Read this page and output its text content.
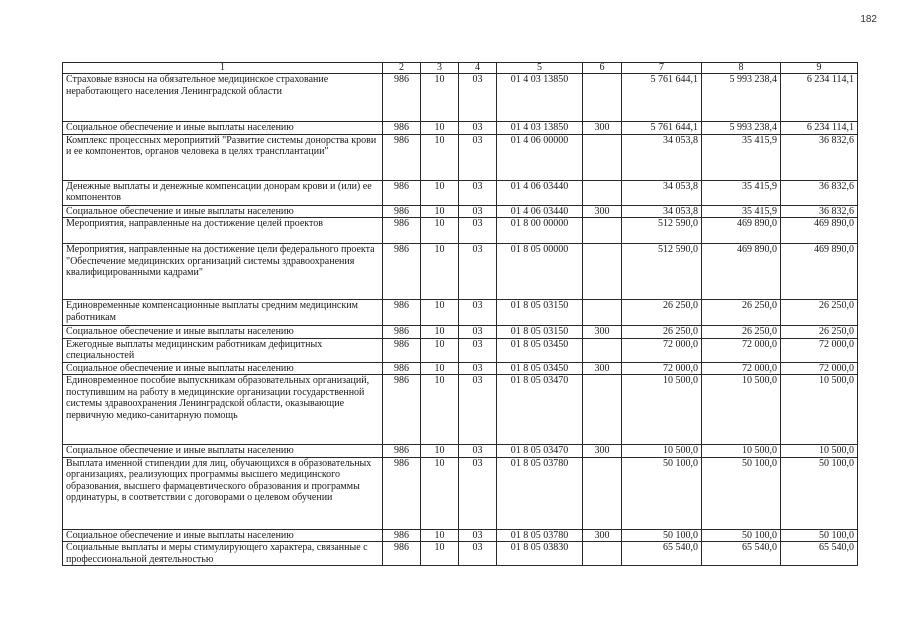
182
1	2	3	4	5	6	7	8	9
Страховые взносы на обязательное медицинское страхование неработающего населения Ленинградской области	986	10	03	01 4 03 13850		5 761 644,1	5 993 238,4	6 234 114,1
Социальное обеспечение и иные выплаты населению	986	10	03	01 4 03 13850	300	5 761 644,1	5 993 238,4	6 234 114,1
Комплекс процессных мероприятий "Развитие системы донорства крови и ее компонентов, органов человека в целях трансплантации"	986	10	03	01 4 06 00000		34 053,8	35 415,9	36 832,6
Денежные выплаты и денежные компенсации донорам крови и (или) ее компонентов	986	10	03	01 4 06 03440		34 053,8	35 415,9	36 832,6
Социальное обеспечение и иные выплаты населению	986	10	03	01 4 06 03440	300	34 053,8	35 415,9	36 832,6
Мероприятия, направленные на достижение целей проектов	986	10	03	01 8 00 00000		512 590,0	469 890,0	469 890,0
Мероприятия, направленные на достижение цели федерального проекта "Обеспечение медицинских организаций системы здравоохранения квалифицированными кадрами"	986	10	03	01 8 05 00000		512 590,0	469 890,0	469 890,0
Единовременные компенсационные выплаты средним медицинским работникам	986	10	03	01 8 05 03150		26 250,0	26 250,0	26 250,0
Социальное обеспечение и иные выплаты населению	986	10	03	01 8 05 03150	300	26 250,0	26 250,0	26 250,0
Ежегодные выплаты медицинским работникам дефицитных специальностей	986	10	03	01 8 05 03450		72 000,0	72 000,0	72 000,0
Социальное обеспечение и иные выплаты населению	986	10	03	01 8 05 03450	300	72 000,0	72 000,0	72 000,0
Единовременное пособие выпускникам образовательных организаций, поступившим на работу в медицинские организации государственной системы здравоохранения Ленинградской области, оказывающие первичную медико-санитарную помощь	986	10	03	01 8 05 03470		10 500,0	10 500,0	10 500,0
Социальное обеспечение и иные выплаты населению	986	10	03	01 8 05 03470	300	10 500,0	10 500,0	10 500,0
Выплата именной стипендии для лиц, обучающихся в образовательных организациях, реализующих программы высшего медицинского образования, высшего фармацевтического образования и программы ординатуры, в соответствии с договорами о целевом обучении	986	10	03	01 8 05 03780		50 100,0	50 100,0	50 100,0
Социальное обеспечение и иные выплаты населению	986	10	03	01 8 05 03780	300	50 100,0	50 100,0	50 100,0
Социальные выплаты и меры стимулирующего характера, связанные с профессиональной деятельностью	986	10	03	01 8 05 03830		65 540,0	65 540,0	65 540,0
